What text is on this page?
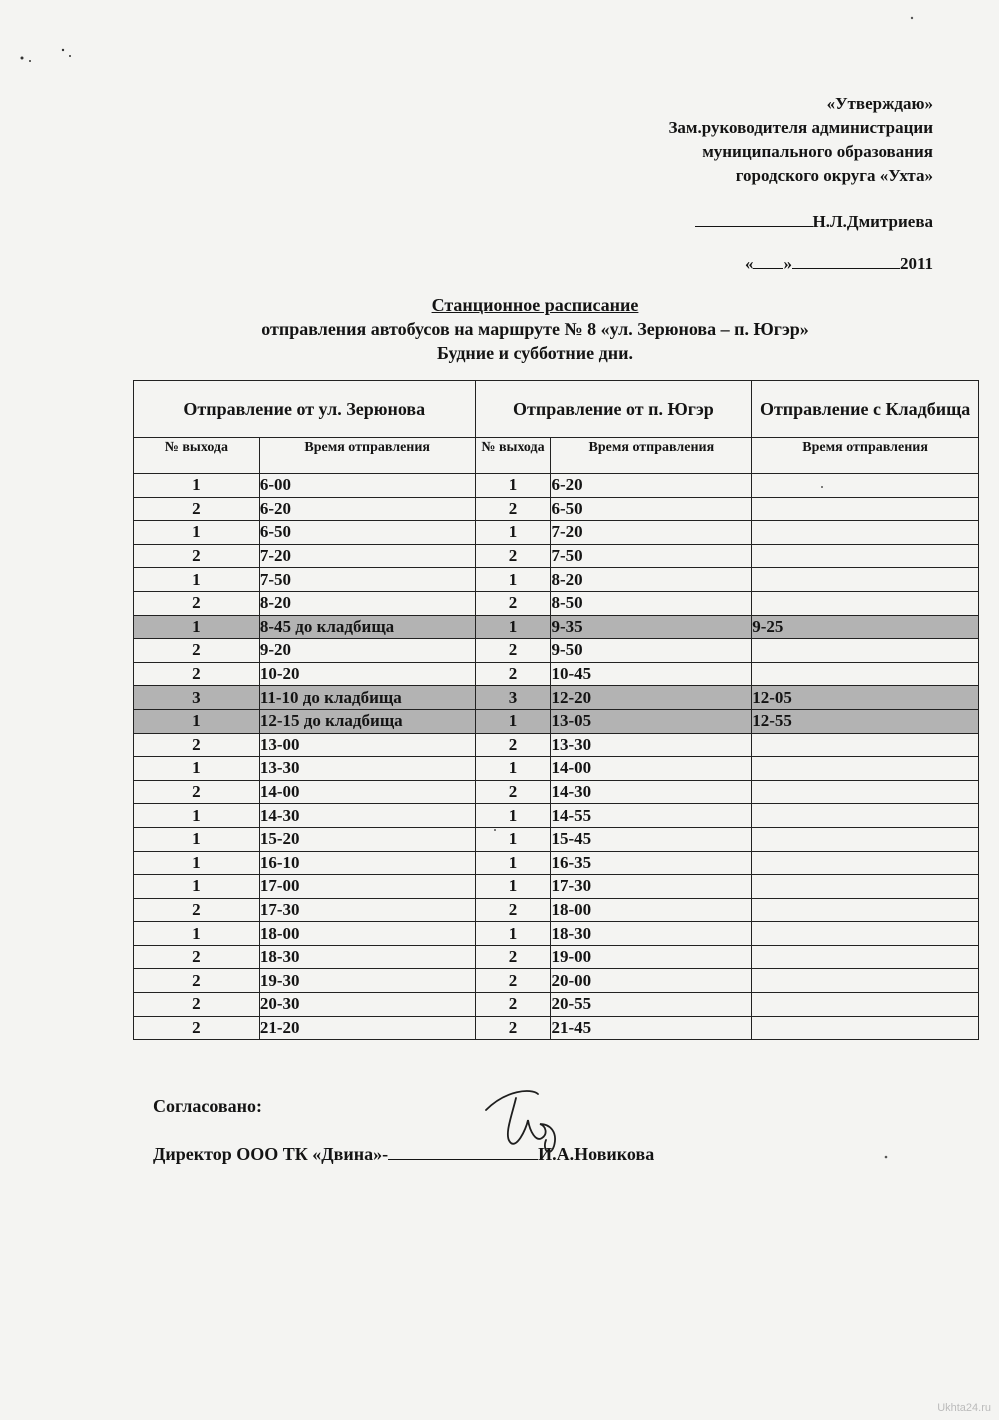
«Утверждаю»
Зам.руководителя администрации
муниципального образования
городского округа «Ухта»
Н.Л.Дмитриева
« »	2011
Станционное расписание
отправления автобусов на маршруте № 8 «ул. Зерюнова – п. Югэр»
Будние и субботние дни.
Отправление от ул. Зерюнова		Отправление от п. Югэр		Отправление с Кладбища
№ выхода	Время отправления	№ выхода	Время отправления	Время отправления
1	6-00	1	6-20	
2	6-20	2	6-50	
1	6-50	1	7-20	
2	7-20	2	7-50	
1	7-50	1	8-20	
2	8-20	2	8-50	
1	8-45 до кладбища	1	9-35	9-25
2	9-20	2	9-50	
2	10-20	2	10-45	
3	11-10 до кладбища	3	12-20	12-05
1	12-15 до кладбища	1	13-05	12-55
2	13-00	2	13-30	
1	13-30	1	14-00	
2	14-00	2	14-30	
1	14-30	1	14-55	
1	15-20	1	15-45	
1	16-10	1	16-35	
1	17-00	1	17-30	
2	17-30	2	18-00	
1	18-00	1	18-30	
2	18-30	2	19-00	
2	19-30	2	20-00	
2	20-30	2	20-55	
2	21-20	2	21-45	
Согласовано:
Директор ООО ТК «Двина»-	И.А.Новикова
Ukhta24.ru
